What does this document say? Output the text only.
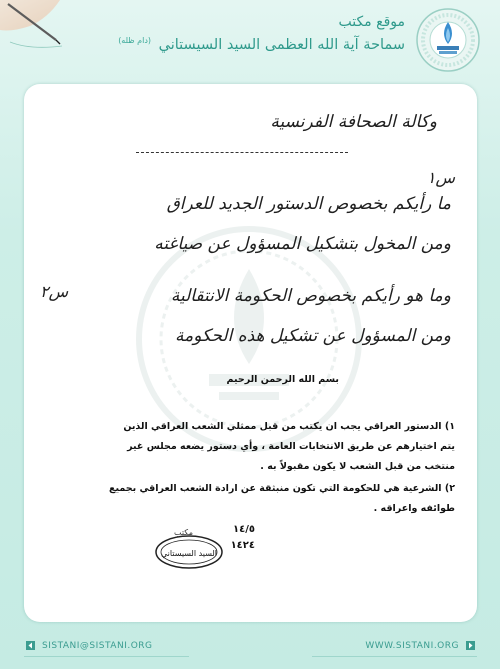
موقع مكتب
سماحة آية الله العظمى السيد السيستاني $^{(دام ظله)}$
وكالة الصحافة الفرنسية
س١
ما رأيكم بخصوص الدستور الجديد للعراق
ومن المخول بتشكيل المسؤول عن صياغته
س٢	وما هو رأيكم بخصوص الحكومة الانتقالية
ومن المسؤول عن تشكيل هذه الحكومة
بسم الله الرحمن الرحيم
١) الدستور العراقي يجب ان يكتب من قبل ممثلي الشعب العراقي الذين
يتم اختيارهم عن طريق الانتخابات العامة ، وأي دستور يضعه مجلس غير
منتخب من قبل الشعب لا يكون مقبولاً به .
٢) الشرعية هي للحكومة التي تكون منبثقة عن ارادة الشعب العراقي بجميع
طوائفه واعراقه .
١٤/٥
١٤٢٤
مكتب
السيد السيستاني
SISTANI@SISTANI.ORG	WWW.SISTANI.ORG
